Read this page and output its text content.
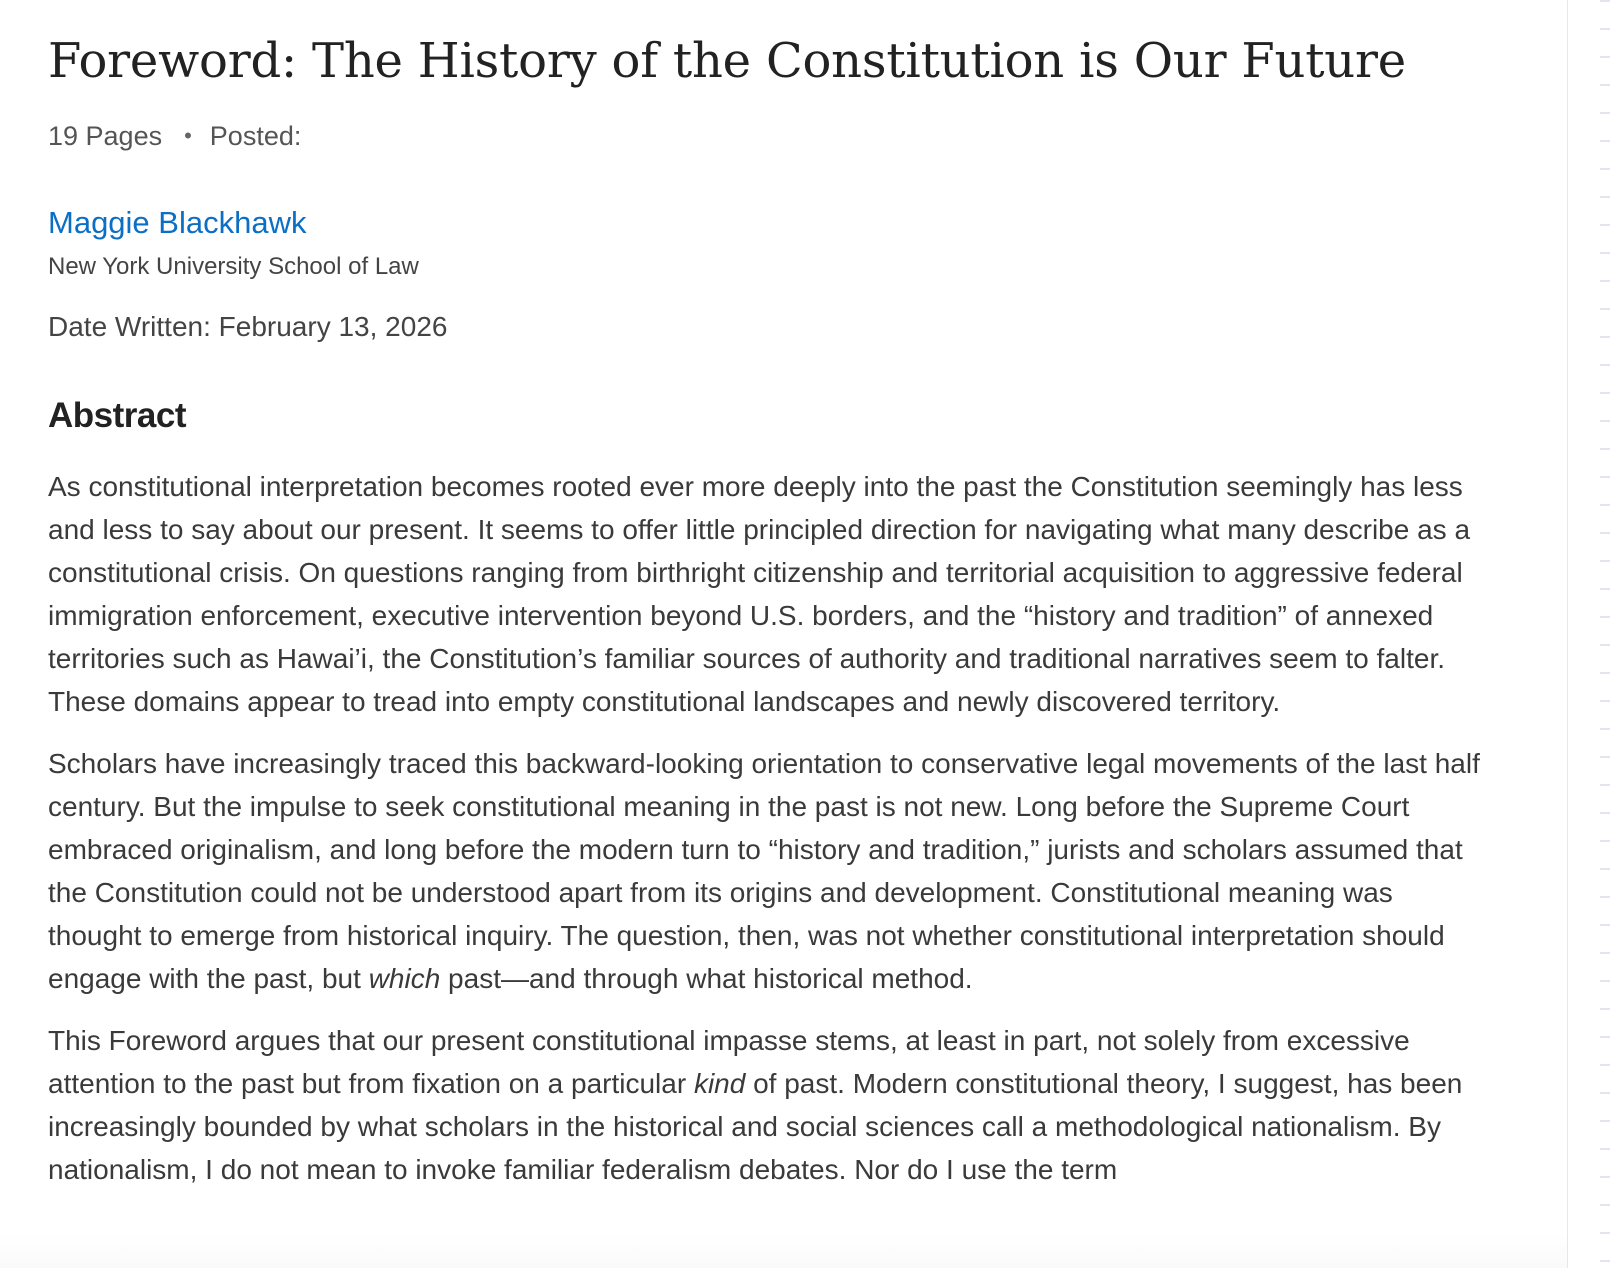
Foreword: The History of the Constitution is Our Future
19 Pages • Posted:
Maggie Blackhawk
New York University School of Law
Date Written: February 13, 2026
Abstract

As constitutional interpretation becomes rooted ever more deeply into the past the Constitution seemingly has less and less to say about our present. It seems to offer little principled direction for navigating what many describe as a constitutional crisis. On questions ranging from birthright citizenship and territorial acquisition to aggressive federal immigration enforcement, executive intervention beyond U.S. borders, and the “history and tradition” of annexed territories such as Hawai’i, the Constitution’s familiar sources of authority and traditional narratives seem to falter. These domains appear to tread into empty constitutional landscapes and newly discovered territory.

Scholars have increasingly traced this backward-looking orientation to conservative legal movements of the last half century. But the impulse to seek constitutional meaning in the past is not new. Long before the Supreme Court embraced originalism, and long before the modern turn to “history and tradition,” jurists and scholars assumed that the Constitution could not be understood apart from its origins and development. Constitutional meaning was thought to emerge from historical inquiry. The question, then, was not whether constitutional interpretation should engage with the past, but which past—and through what historical method.

This Foreword argues that our present constitutional impasse stems, at least in part, not solely from excessive attention to the past but from fixation on a particular kind of past. Modern constitutional theory, I suggest, has been increasingly bounded by what scholars in the historical and social sciences call a methodological nationalism. By nationalism, I do not mean to invoke familiar federalism debates. Nor do I use the term
